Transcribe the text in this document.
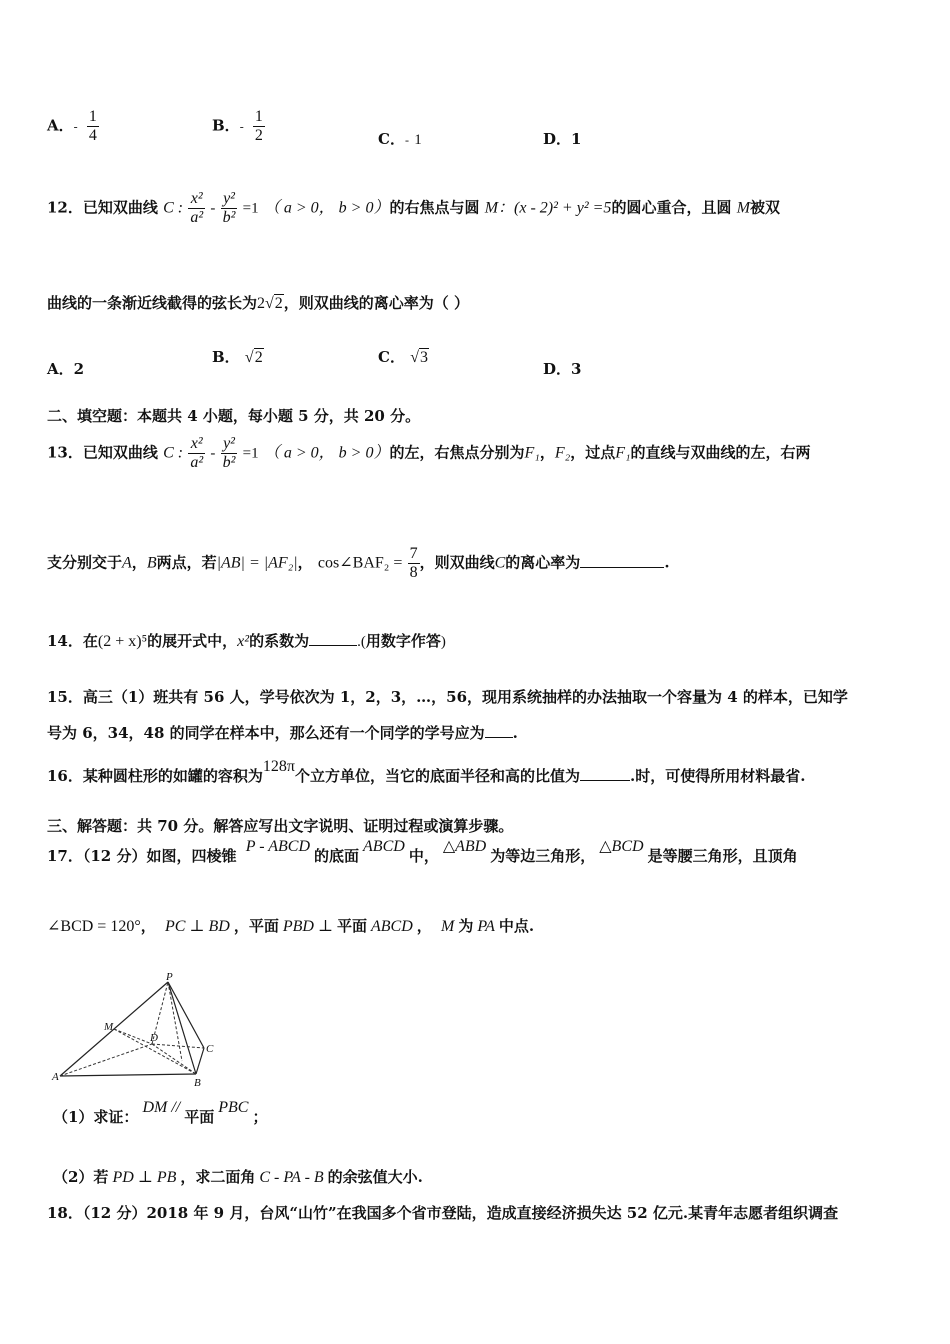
A．- $\frac{1}{4}$	B．- $\frac{1}{2}$	C．- 1	D．1
12．已知双曲线 C : $\frac{\text{x²}}{\text{a²}} - \frac{\text{y²}}{\text{b²}} =1$ （ a > 0， b > 0）的右焦点与圆 M：(x - 2)² + y² =5的圆心重合，且圆 M被双
曲线的一条渐近线截得的弦长为2√2，则双曲线的离心率为（ ）
A．2
B． √2	C． √3
D．3
二、填空题：本题共 4 小题，每小题 5 分，共 20 分。
13．已知双曲线 C : $\frac{\text{x²}}{\text{a²}} - \frac{\text{y²}}{\text{b²}} =1$ （ a > 0， b > 0）的左，右焦点分别为F₁，F₂，过点F₁的直线与双曲线的左，右两
支分别交于A，B两点，若|AB| = |AF₂|， cos∠BAF₂ = $\frac{7}{8}$ ，则双曲线C的离心率为	.
14．在(2 + x)⁵的展开式中，x²的系数为	.(用数字作答)
15．高三（1）班共有 56 人，学号依次为 1，2，3，…，56，现用系统抽样的办法抽取一个容量为 4 的样本，已知学
号为 6，34，48 的同学在样本中，那么还有一个同学的学号应为 .
16．某种圆柱形的如罐的容积为128π个立方单位，当它的底面半径和高的比值为	.时，可使得所用材料最省.
三、解答题：共 70 分。解答应写出文字说明、证明过程或演算步骤。
17．（12 分）如图，四棱锥 P - ABCD的底面ABCD中，△ABD为等边三角形，△BCD是等腰三角形，且顶角
∠BCD = 120°， PC ⊥ BD ，平面 PBD ⊥ 平面 ABCD ， M 为 PA 中点.
P
M
D
C
A	B
（1）求证：DM //平面PBC；
（2）若 PD ⊥ PB ，求二面角 C - PA - B 的余弦值大小.
18．（12 分）2018 年 9 月，台风“山竹”在我国多个省市登陆，造成直接经济损失达 52 亿元.某青年志愿者组织调查
